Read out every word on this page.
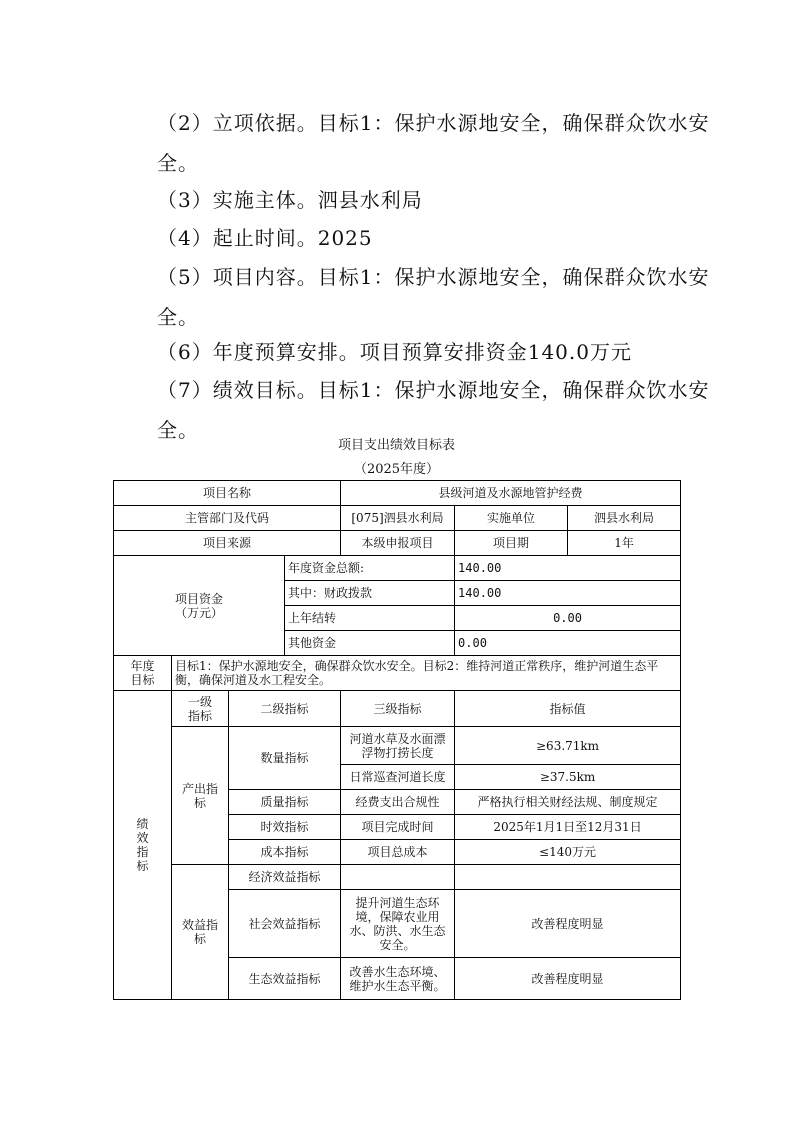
（2）立项依据。目标1：保护水源地安全，确保群众饮水安全。

（3）实施主体。泗县水利局

（4）起止时间。2025

（5）项目内容。目标1：保护水源地安全，确保群众饮水安全。

（6）年度预算安排。项目预算安排资金140.0万元

（7）绩效目标。目标1：保护水源地安全，确保群众饮水安全。

项目支出绩效目标表
（2025年度）
项目名称				县级河道及水源地管护经费		
主管部门及代码				[075]泗县水利局	实施单位	泗县水利局
项目来源				本级申报项目	项目期	1年

项目资金
（万元）			年度资金总额:		140.00	
			其中：财政拨款		140.00	
			上年结转		0.00	
			其他资金		0.00	

年度目标	目标1：保护水源地安全，确保群众饮水安全。目标2：维持河道正常秩序，维护河道生态平衡，确保河道及水工程安全。					

绩效指标	一级指标	二级指标		三级指标	指标值	

	产出指标	数量指标		河道水草及水面漂浮物打捞长度	≥63.71km	
				日常巡查河道长度	≥37.5km	
		质量指标		经费支出合规性	严格执行相关财经法规、制度规定	
		时效指标		项目完成时间	2025年1月1日至12月31日	
		成本指标		项目总成本	≤140万元	

	效益指标	经济效益指标				
		社会效益指标		提升河道生态环境，保障农业用水、防洪、水生态安全。	改善程度明显	
		生态效益指标		改善水生态环境、维护水生态平衡。	改善程度明显	
